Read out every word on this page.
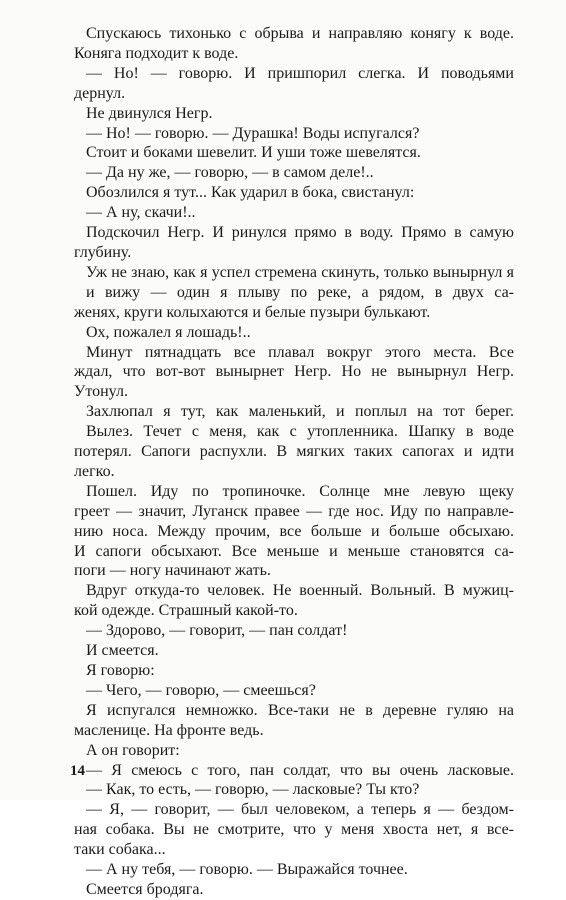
Спускаюсь тихонько с обрыва и направляю конягу к воде.
Коняга подходит к воде.
— Но! — говорю. И пришпорил слегка. И поводьями
дернул.
Не двинулся Негр.
— Но! — говорю. — Дурашка! Воды испугался?
Стоит и боками шевелит. И уши тоже шевелятся.
— Да ну же, — говорю, — в самом деле!..
Обозлился я тут... Как ударил в бока, свистанул:
— А ну, скачи!..
Подскочил Негр. И ринулся прямо в воду. Прямо в самую
глубину.
Уж не знаю, как я успел стремена скинуть, только вынырнул я и вижу — один я плыву по реке, а рядом, в двух са-
женях, круги колыхаются и белые пузыри булькают.
Ох, пожалел я лошадь!..
Минут пятнадцать все плавал вокруг этого места. Все
ждал, что вот-вот вынырнет Негр. Но не вынырнул Негр.
Утонул.
Захлюпал я тут, как маленький, и поплыл на тот берег.
Вылез. Течет с меня, как с утопленника. Шапку в воде
потерял. Сапоги распухли. В мягких таких сапогах и идти
легко.
Пошел. Иду по тропиночке. Солнце мне левую щеку
греет — значит, Луганск правее — где нос. Иду по направле-
нию носа. Между прочим, все больше и больше обсыхаю.
И сапоги обсыхают. Все меньше и меньше становятся са-
поги — ногу начинают жать.
Вдруг откуда-то человек. Не военный. Вольный. В мужиц-
кой одежде. Страшный какой-то.
— Здорово, — говорит, — пан солдат!
И смеется.
Я говорю:
— Чего, — говорю, — смеешься?
Я испугался немножко. Все-таки не в деревне гуляю на
масленице. На фронте ведь.
А он говорит:
— Я смеюсь с того, пан солдат, что вы очень ласковые.
— Как, то есть, — говорю, — ласковые? Ты кто?
— Я, — говорит, — был человеком, а теперь я — бездом-
ная собака. Вы не смотрите, что у меня хвоста нет, я все-
таки собака...
— А ну тебя, — говорю. — Выражайся точнее.
Смеется бродяга.
14
